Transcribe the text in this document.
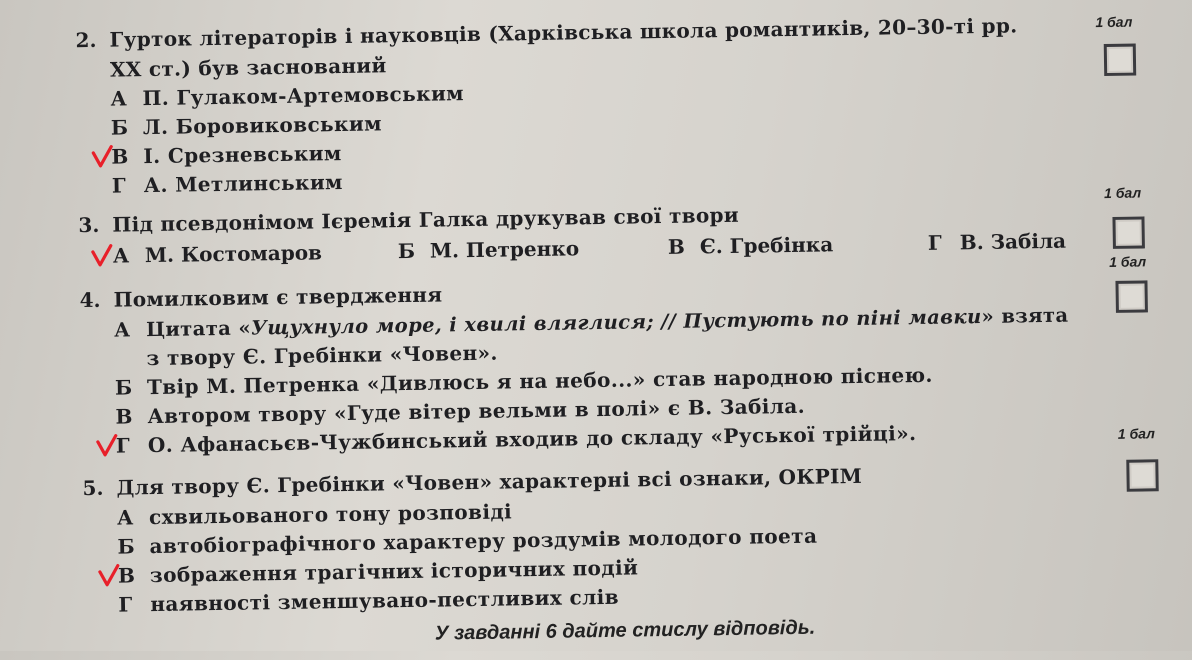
2. Гурток літераторів і науковців (Харківська школа романтиків, 20–30-ті рр.
XX ст.) був заснований
А П. Гулаком-Артемовським
Б Л. Боровиковським
В І. Срезневським
Г А. Метлинським
3. Під псевдонімом Ієремія Галка друкував свої твори
А М. Костомаров	Б М. Петренко	В Є. Гребінка	Г В. Забіла
4. Помилковим є твердження
А Цитата «Ущухнуло море, і хвилі вляглися; // Пустують по піні мавки» взята
з твору Є. Гребінки «Човен».
Б Твір М. Петренка «Дивлюсь я на небо...» став народною піснею.
В Автором твору «Гуде вітер вельми в полі» є В. Забіла.
Г О. Афанасьєв-Чужбинський входив до складу «Руської трійці».
5. Для твору Є. Гребінки «Човен» характерні всі ознаки, ОКРІМ
А схвильованого тону розповіді
Б автобіографічного характеру роздумів молодого поета
В зображення трагічних історичних подій
Г наявності зменшувано-пестливих слів
1 бал
1 бал
1 бал
1 бал
У завданні 6 дайте стислу відповідь.
